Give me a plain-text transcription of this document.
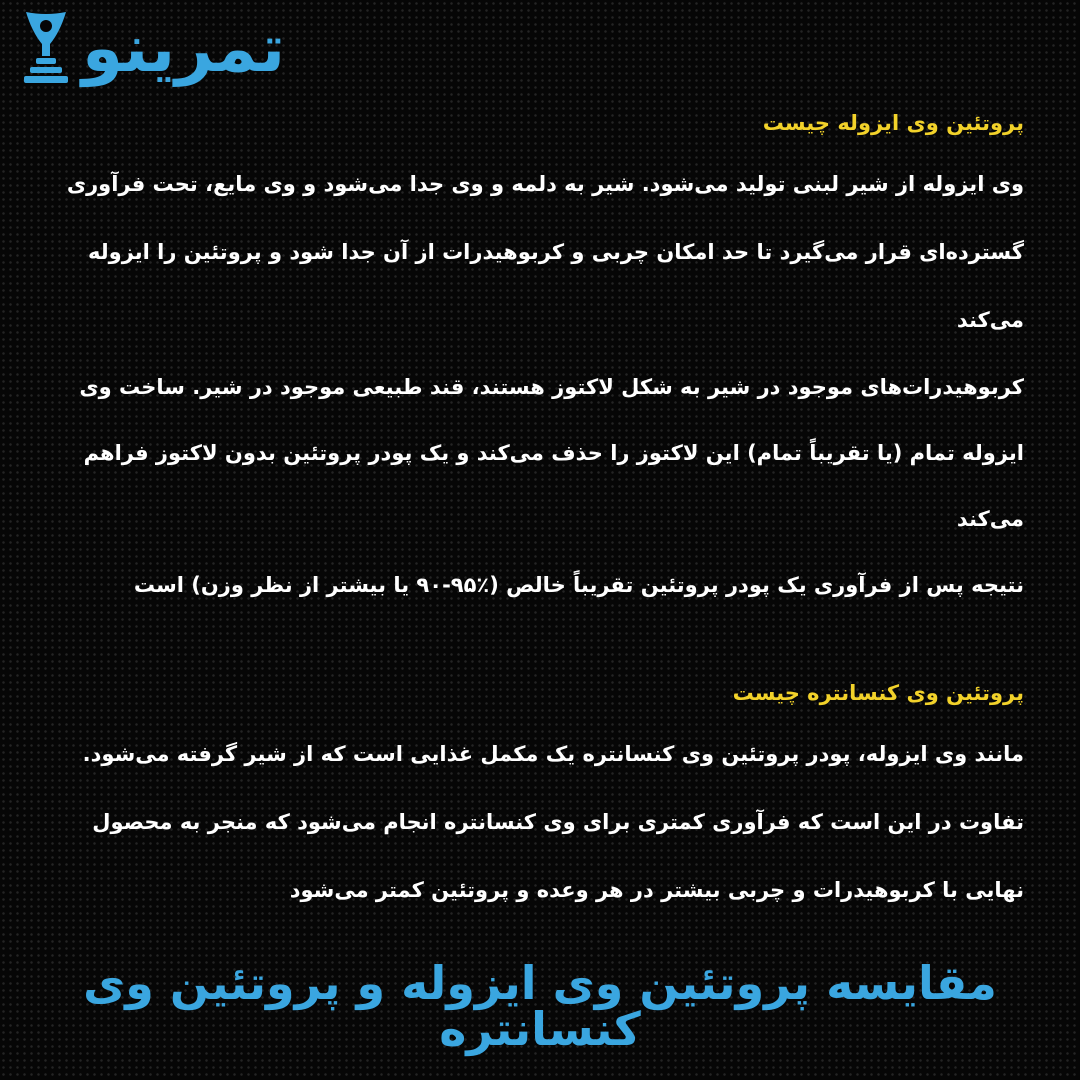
تمرینو
پروتئین وی ایزوله چیست

وی ایزوله از شیر لبنی تولید می‌شود. شیر به دلمه و وی جدا می‌شود و وی مایع، تحت فرآوری گسترده‌ای قرار می‌گیرد تا حد امکان چربی و کربوهیدرات از آن جدا شود و پروتئین را ایزوله می‌کند

کربوهیدرات‌های موجود در شیر به شکل لاکتوز هستند، قند طبیعی موجود در شیر. ساخت وی ایزوله تمام (یا تقریباً تمام) این لاکتوز را حذف می‌کند و یک پودر پروتئین بدون لاکتوز فراهم می‌کند

نتیجه پس از فرآوری یک پودر پروتئین تقریباً خالص (٪۹۵-۹۰ یا بیشتر از نظر وزن) است

پروتئین وی کنسانتره چیست

مانند وی ایزوله، پودر پروتئین وی کنسانتره یک مکمل غذایی است که از شیر گرفته می‌شود. تفاوت در این است که فرآوری کمتری برای وی کنسانتره انجام می‌شود که منجر به محصول نهایی با کربوهیدرات و چربی بیشتر در هر وعده و پروتئین کمتر می‌شود

مقایسه پروتئین وی ایزوله و پروتئین وی کنسانتره
